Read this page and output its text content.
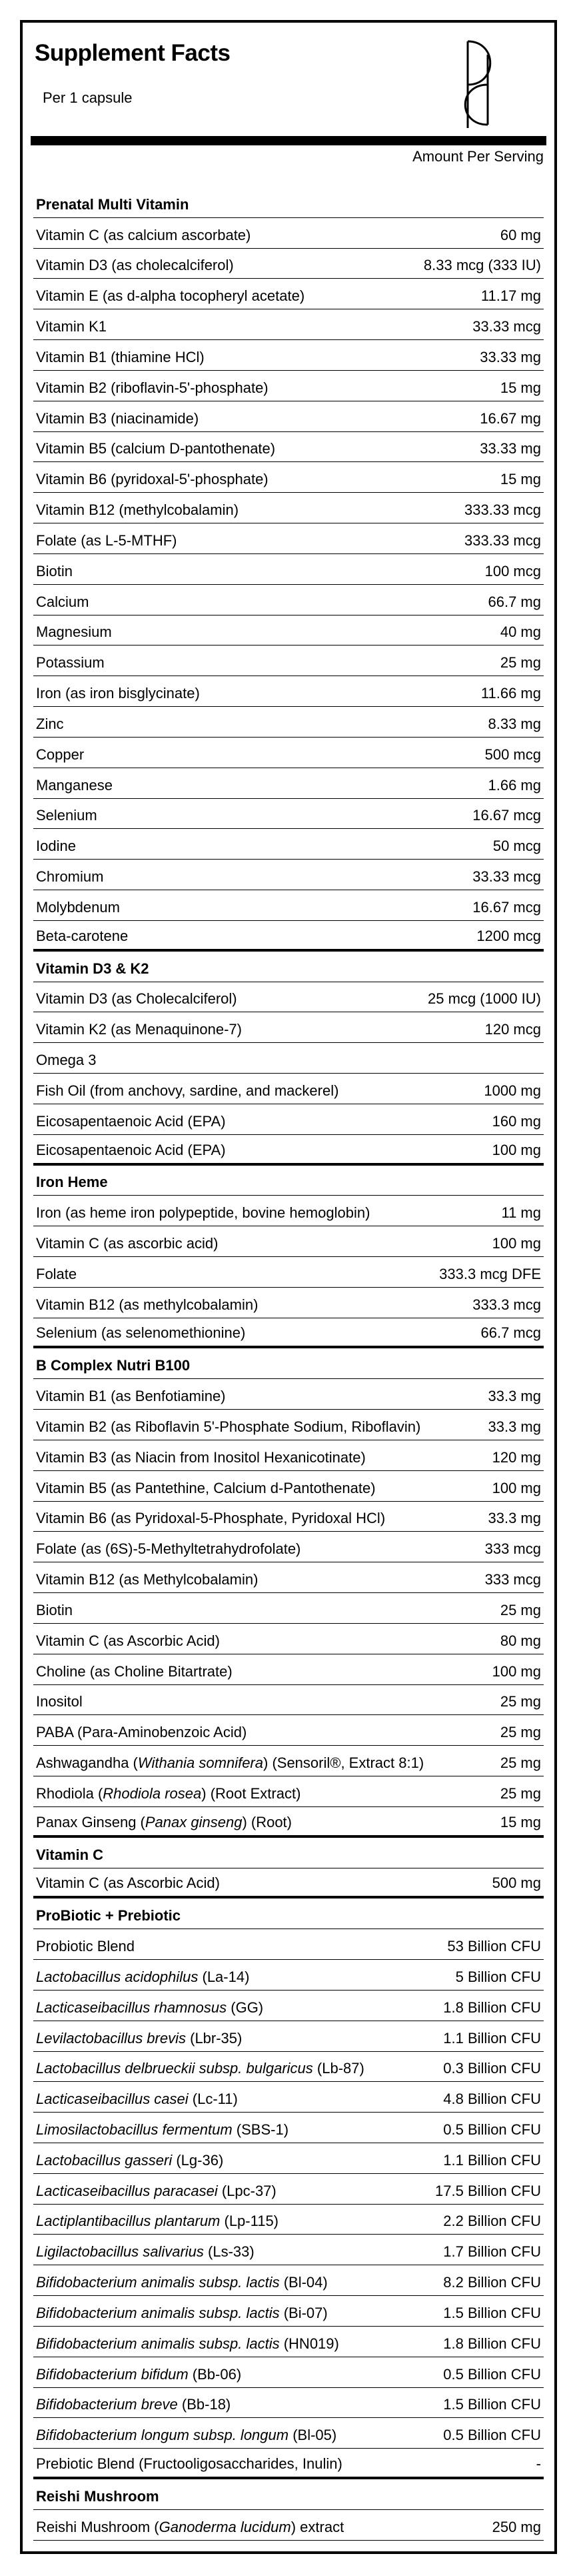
Supplement Facts
Per 1 capsule
Amount Per Serving
Prenatal Multi Vitamin
Vitamin C (as calcium ascorbate)	60 mg
Vitamin D3 (as cholecalciferol)	8.33 mcg (333 IU)
Vitamin E (as d-alpha tocopheryl acetate)	11.17 mg
Vitamin K1	33.33 mcg
Vitamin B1 (thiamine HCl)	33.33 mg
Vitamin B2 (riboflavin-5'-phosphate)	15 mg
Vitamin B3 (niacinamide)	16.67 mg
Vitamin B5 (calcium D-pantothenate)	33.33 mg
Vitamin B6 (pyridoxal-5'-phosphate)	15 mg
Vitamin B12 (methylcobalamin)	333.33 mcg
Folate (as L-5-MTHF)	333.33 mcg
Biotin	100 mcg
Calcium	66.7 mg
Magnesium	40 mg
Potassium	25 mg
Iron (as iron bisglycinate)	11.66 mg
Zinc	8.33 mg
Copper	500 mcg
Manganese	1.66 mg
Selenium	16.67 mcg
Iodine	50 mcg
Chromium	33.33 mcg
Molybdenum	16.67 mcg
Beta-carotene	1200 mcg
Vitamin D3 & K2
Vitamin D3 (as Cholecalciferol)	25 mcg (1000 IU)
Vitamin K2 (as Menaquinone-7)	120 mcg
Omega 3
Fish Oil (from anchovy, sardine, and mackerel)	1000 mg
Eicosapentaenoic Acid (EPA)	160 mg
Eicosapentaenoic Acid (EPA)	100 mg
Iron Heme
Iron (as heme iron polypeptide, bovine hemoglobin)	11 mg
Vitamin C (as ascorbic acid)	100 mg
Folate	333.3 mcg DFE
Vitamin B12 (as methylcobalamin)	333.3 mcg
Selenium (as selenomethionine)	66.7 mcg
B Complex Nutri B100
Vitamin B1 (as Benfotiamine)	33.3 mg
Vitamin B2 (as Riboflavin 5'-Phosphate Sodium, Riboflavin)	33.3 mg
Vitamin B3 (as Niacin from Inositol Hexanicotinate)	120 mg
Vitamin B5 (as Pantethine, Calcium d-Pantothenate)	100 mg
Vitamin B6 (as Pyridoxal-5-Phosphate, Pyridoxal HCl)	33.3 mg
Folate (as (6S)-5-Methyltetrahydrofolate)	333 mcg
Vitamin B12 (as Methylcobalamin)	333 mcg
Biotin	25 mg
Vitamin C (as Ascorbic Acid)	80 mg
Choline (as Choline Bitartrate)	100 mg
Inositol	25 mg
PABA (Para-Aminobenzoic Acid)	25 mg
Ashwagandha (Withania somnifera) (Sensoril®, Extract 8:1)	25 mg
Rhodiola (Rhodiola rosea) (Root Extract)	25 mg
Panax Ginseng (Panax ginseng) (Root)	15 mg
Vitamin C
Vitamin C (as Ascorbic Acid)	500 mg
ProBiotic + Prebiotic
Probiotic Blend	53 Billion CFU
Lactobacillus acidophilus (La-14)	5 Billion CFU
Lacticaseibacillus rhamnosus (GG)	1.8 Billion CFU
Levilactobacillus brevis (Lbr-35)	1.1 Billion CFU
Lactobacillus delbrueckii subsp. bulgaricus (Lb-87)	0.3 Billion CFU
Lacticaseibacillus casei (Lc-11)	4.8 Billion CFU
Limosilactobacillus fermentum (SBS-1)	0.5 Billion CFU
Lactobacillus gasseri (Lg-36)	1.1 Billion CFU
Lacticaseibacillus paracasei (Lpc-37)	17.5 Billion CFU
Lactiplantibacillus plantarum (Lp-115)	2.2 Billion CFU
Ligilactobacillus salivarius (Ls-33)	1.7 Billion CFU
Bifidobacterium animalis subsp. lactis (Bl-04)	8.2 Billion CFU
Bifidobacterium animalis subsp. lactis (Bi-07)	1.5 Billion CFU
Bifidobacterium animalis subsp. lactis (HN019)	1.8 Billion CFU
Bifidobacterium bifidum (Bb-06)	0.5 Billion CFU
Bifidobacterium breve (Bb-18)	1.5 Billion CFU
Bifidobacterium longum subsp. longum (Bl-05)	0.5 Billion CFU
Prebiotic Blend (Fructooligosaccharides, Inulin)	-
Reishi Mushroom
Reishi Mushroom (Ganoderma lucidum) extract	250 mg
